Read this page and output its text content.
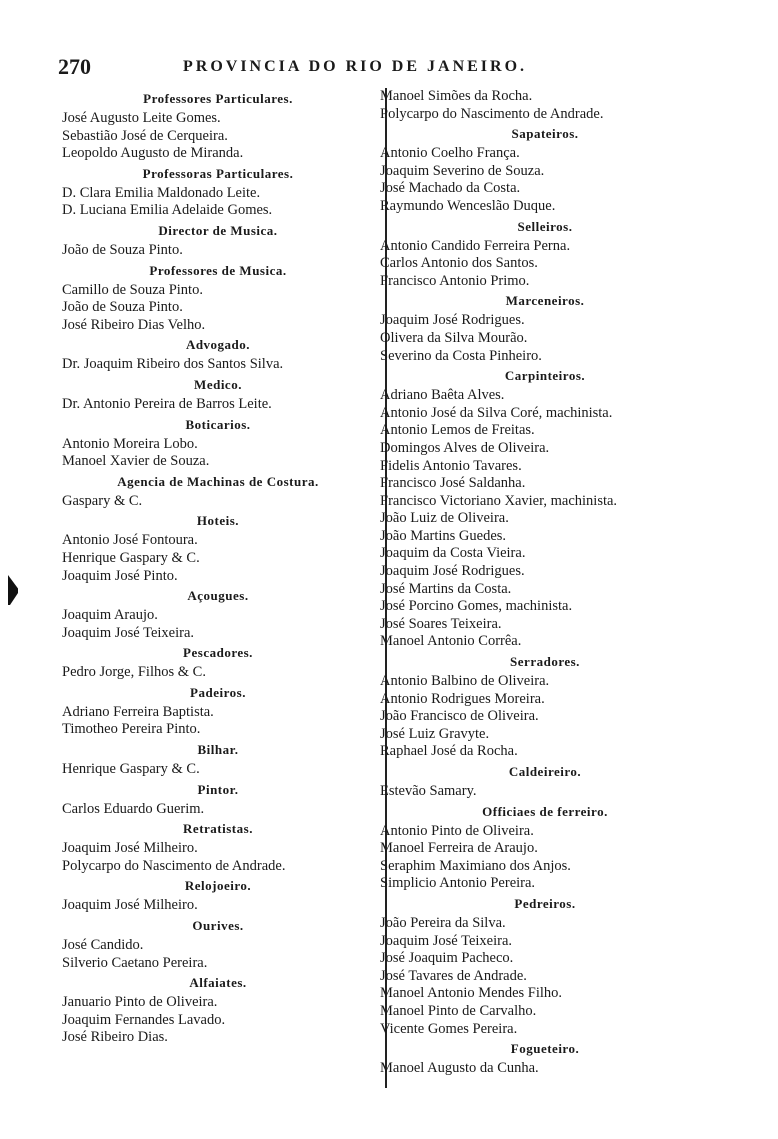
270	PROVINCIA DO RIO DE JANEIRO.
Professores Particulares.
José Augusto Leite Gomes.
Sebastião José de Cerqueira.
Leopoldo Augusto de Miranda.
Professoras Particulares.
D. Clara Emilia Maldonado Leite.
D. Luciana Emilia Adelaide Gomes.
Director de Musica.
João de Souza Pinto.
Professores de Musica.
Camillo de Souza Pinto.
João de Souza Pinto.
José Ribeiro Dias Velho.
Advogado.
Dr. Joaquim Ribeiro dos Santos Silva.
Medico.
Dr. Antonio Pereira de Barros Leite.
Boticarios.
Antonio Moreira Lobo.
Manoel Xavier de Souza.
Agencia de Machinas de Costura.
Gaspary & C.
Hoteis.
Antonio José Fontoura.
Henrique Gaspary & C.
Joaquim José Pinto.
Açougues.
Joaquim Araujo.
Joaquim José Teixeira.
Pescadores.
Pedro Jorge, Filhos & C.
Padeiros.
Adriano Ferreira Baptista.
Timotheo Pereira Pinto.
Bilhar.
Henrique Gaspary & C.
Pintor.
Carlos Eduardo Guerim.
Retratistas.
Joaquim José Milheiro.
Polycarpo do Nascimento de Andrade.
Relojoeiro.
Joaquim José Milheiro.
Ourives.
José Candido.
Silverio Caetano Pereira.
Alfaiates.
Januario Pinto de Oliveira.
Joaquim Fernandes Lavado.
José Ribeiro Dias.
Manoel Simões da Rocha.
Polycarpo do Nascimento de Andrade.
Sapateiros.
Antonio Coelho França.
Joaquim Severino de Souza.
José Machado da Costa.
Raymundo Wenceslão Duque.
Selleiros.
Antonio Candido Ferreira Perna.
Carlos Antonio dos Santos.
Francisco Antonio Primo.
Marceneiros.
Joaquim José Rodrigues.
Olivera da Silva Mourão.
Severino da Costa Pinheiro.
Carpinteiros.
Adriano Baêta Alves.
Antonio José da Silva Coré, machinista.
Antonio Lemos de Freitas.
Domingos Alves de Oliveira.
Fidelis Antonio Tavares.
Francisco José Saldanha.
Francisco Victoriano Xavier, machinista.
João Luiz de Oliveira.
João Martins Guedes.
Joaquim da Costa Vieira.
Joaquim José Rodrigues.
José Martins da Costa.
José Porcino Gomes, machinista.
José Soares Teixeira.
Manoel Antonio Corrêa.
Serradores.
Antonio Balbino de Oliveira.
Antonio Rodrigues Moreira.
João Francisco de Oliveira.
José Luiz Gravyte.
Raphael José da Rocha.
Caldeireiro.
Estevão Samary.
Officiaes de ferreiro.
Antonio Pinto de Oliveira.
Manoel Ferreira de Araujo.
Seraphim Maximiano dos Anjos.
Simplicio Antonio Pereira.
Pedreiros.
João Pereira da Silva.
Joaquim José Teixeira.
José Joaquim Pacheco.
José Tavares de Andrade.
Manoel Antonio Mendes Filho.
Manoel Pinto de Carvalho.
Vicente Gomes Pereira.
Fogueteiro.
Manoel Augusto da Cunha.
